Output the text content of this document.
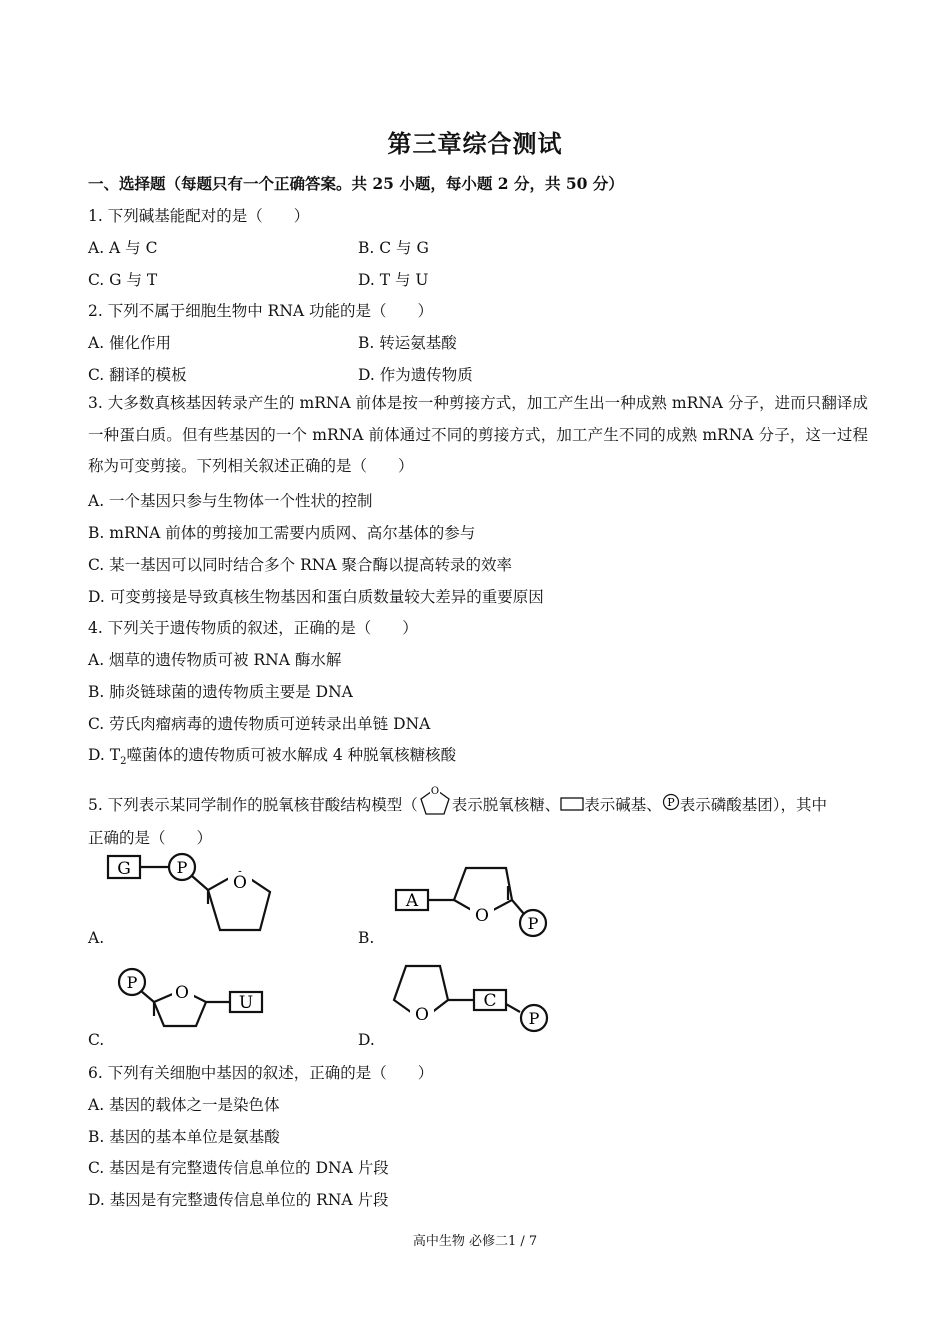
第三章综合测试
一、选择题（每题只有一个正确答案。共 25 小题，每小题 2 分，共 50 分）
1. 下列碱基能配对的是（　　）
A. A 与 C	B. C 与 G
C. G 与 T	D. T 与 U
2. 下列不属于细胞生物中 RNA 功能的是（　　）
A. 催化作用	B. 转运氨基酸
C. 翻译的模板	D. 作为遗传物质
3. 大多数真核基因转录产生的 mRNA 前体是按一种剪接方式，加工产生出一种成熟 mRNA 分子，进而只翻译成一种蛋白质。但有些基因的一个 mRNA 前体通过不同的剪接方式，加工产生不同的成熟 mRNA 分子，这一过程称为可变剪接。下列相关叙述正确的是（　　）
A. 一个基因只参与生物体一个性状的控制
B. mRNA 前体的剪接加工需要内质网、高尔基体的参与
C. 某一基因可以同时结合多个 RNA 聚合酶以提高转录的效率
D. 可变剪接是导致真核生物基因和蛋白质数量较大差异的重要原因
4. 下列关于遗传物质的叙述，正确的是（　　）
A. 烟草的遗传物质可被 RNA 酶水解
B. 肺炎链球菌的遗传物质主要是 DNA
C. 劳氏肉瘤病毒的遗传物质可逆转录出单链 DNA
D. $T_2$噬菌体的遗传物质可被水解成 4 种脱氧核糖核酸
5. 下列表示某同学制作的脱氧核苷酸结构模型（
O
表示脱氧核糖、 表示碱基、 P 表示磷酸基团），其中
正确的是（　　）
G	P
O
A.
A
O P
B.
P
O	U
C.
O
C
P
D.
6. 下列有关细胞中基因的叙述，正确的是（　　）
A. 基因的载体之一是染色体
B. 基因的基本单位是氨基酸
C. 基因是有完整遗传信息单位的 DNA 片段
D. 基因是有完整遗传信息单位的 RNA 片段
高中生物 必修二1 / 7
